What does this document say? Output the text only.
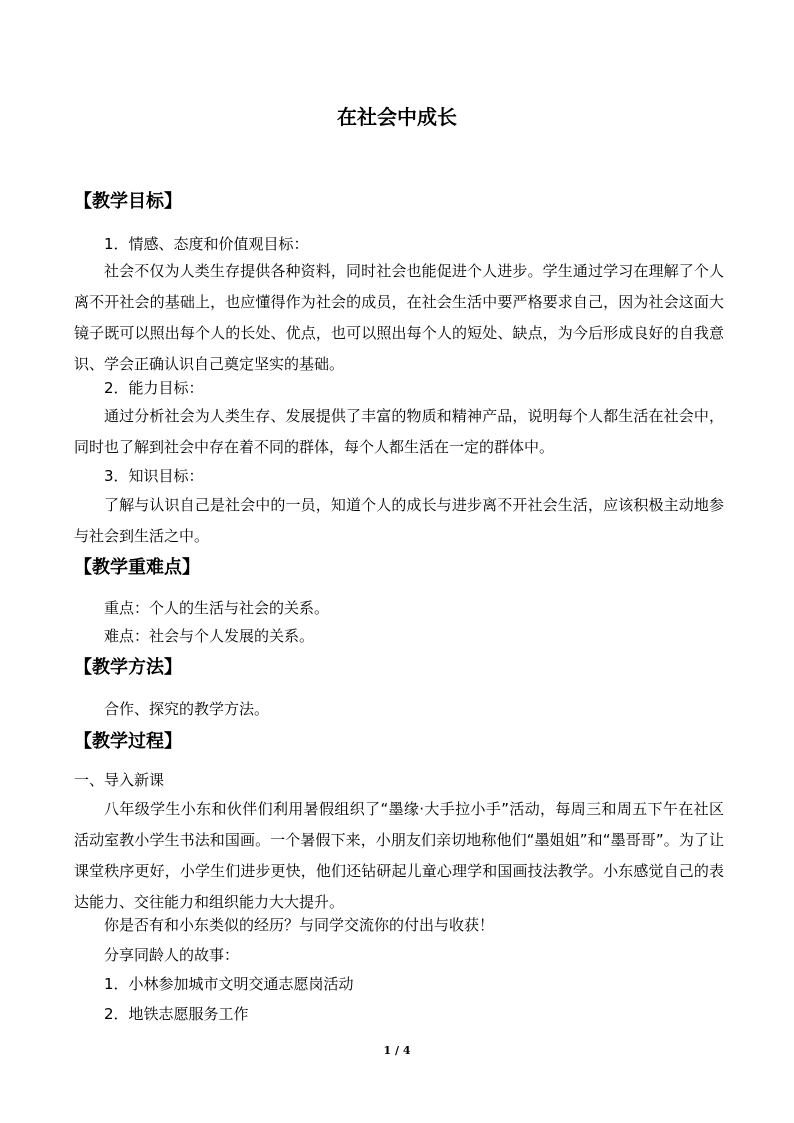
在社会中成长
【教学目标】

1．情感、态度和价值观目标：

社会不仅为人类生存提供各种资料，同时社会也能促进个人进步。学生通过学习在理解了个人离不开社会的基础上，也应懂得作为社会的成员，在社会生活中要严格要求自己，因为社会这面大镜子既可以照出每个人的长处、优点，也可以照出每个人的短处、缺点，为今后形成良好的自我意识、学会正确认识自己奠定坚实的基础。

2．能力目标：

通过分析社会为人类生存、发展提供了丰富的物质和精神产品，说明每个人都生活在社会中，同时也了解到社会中存在着不同的群体，每个人都生活在一定的群体中。

3．知识目标：

了解与认识自己是社会中的一员，知道个人的成长与进步离不开社会生活，应该积极主动地参与社会到生活之中。

【教学重难点】

重点：个人的生活与社会的关系。

难点：社会与个人发展的关系。

【教学方法】

合作、探究的教学方法。

【教学过程】

一、导入新课

八年级学生小东和伙伴们利用暑假组织了“墨缘·大手拉小手”活动，每周三和周五下午在社区活动室教小学生书法和国画。一个暑假下来，小朋友们亲切地称他们“墨姐姐”和“墨哥哥”。为了让课堂秩序更好，小学生们进步更快，他们还钻研起儿童心理学和国画技法教学。小东感觉自己的表达能力、交往能力和组织能力大大提升。

你是否有和小东类似的经历？与同学交流你的付出与收获！

分享同龄人的故事：

1．小林参加城市文明交通志愿岗活动

2．地铁志愿服务工作

1 / 4
